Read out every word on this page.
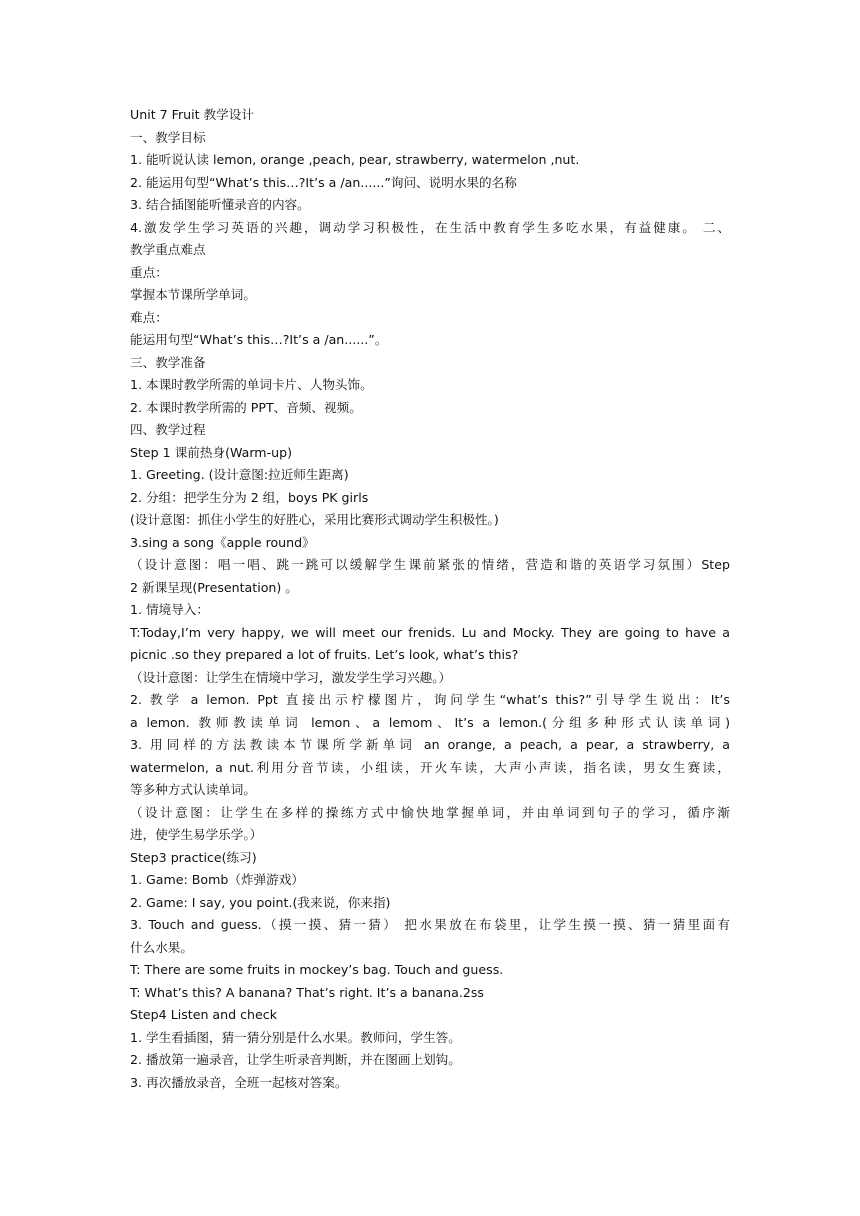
Unit 7 Fruit 教学设计
一、教学目标
1. 能听说认读 lemon, orange ,peach, pear, strawberry, watermelon ,nut.
2. 能运用句型“What’s this…?It’s a /an......”询问、说明水果的名称
3. 结合插图能听懂录音的内容。
4.激发学生学习英语的兴趣，调动学习积极性，在生活中教育学生多吃水果，有益健康。 二、
教学重点难点
重点：
掌握本节课所学单词。
难点：
能运用句型“What’s this…?It’s a /an......”。
三、教学准备
1. 本课时教学所需的单词卡片、人物头饰。
2. 本课时教学所需的 PPT、音频、视频。
四、教学过程
Step 1 课前热身(Warm-up)
1. Greeting. (设计意图:拉近师生距离)
2. 分组：把学生分为 2 组，boys PK girls
(设计意图：抓住小学生的好胜心，采用比赛形式调动学生积极性。)
3.sing a song《apple round》
（设计意图：唱一唱、跳一跳可以缓解学生课前紧张的情绪，营造和谐的英语学习氛围）Step
2 新课呈现(Presentation) 。
1. 情境导入：
T:Today,I’m very happy, we will meet our frenids. Lu and Mocky. They are going to have a
picnic .so they prepared a lot of fruits. Let’s look, what’s this?
（设计意图：让学生在情境中学习，激发学生学习兴趣。）
2. 教学 a lemon. Ppt 直接出示柠檬图片，询问学生“what’s this?”引导学生说出：It’s
a lemon. 教师教读单词 lemon、a lemom、It’s a lemon.(分组多种形式认读单词)
3. 用同样的方法教读本节课所学新单词 an orange, a peach, a pear, a strawberry, a
watermelon, a nut.利用分音节读，小组读，开火车读，大声小声读，指名读，男女生赛读，
等多种方式认读单词。
（设计意图：让学生在多样的操练方式中愉快地掌握单词，并由单词到句子的学习，循序渐
进，使学生易学乐学。）
Step3 practice(练习)
1. Game: Bomb（炸弹游戏）
2. Game: I say, you point.(我来说，你来指)
3. Touch and guess.（摸一摸、猜一猜） 把水果放在布袋里，让学生摸一摸、猜一猜里面有
什么水果。
T: There are some fruits in mockey’s bag. Touch and guess.
T: What’s this? A banana? That’s right. It’s a banana.2ss
Step4 Listen and check
1. 学生看插图，猜一猜分别是什么水果。教师问，学生答。
2. 播放第一遍录音，让学生听录音判断，并在图画上划钩。
3. 再次播放录音，全班一起核对答案。
